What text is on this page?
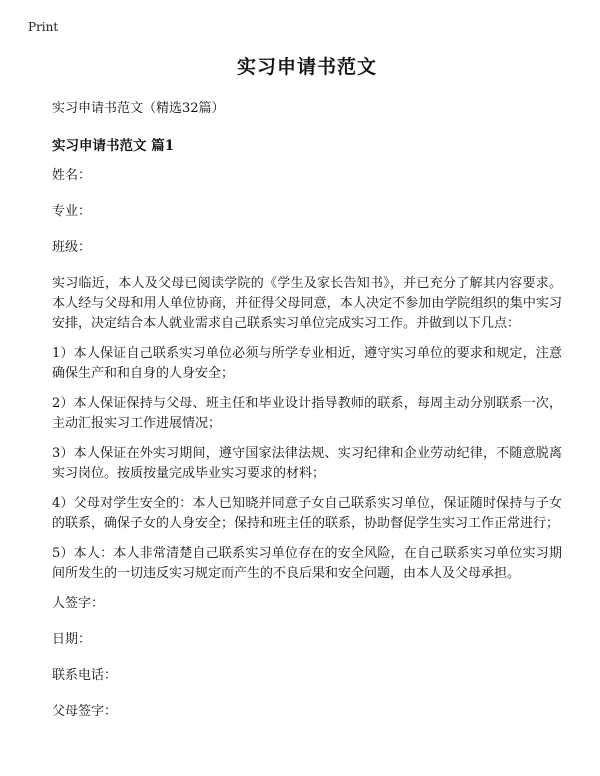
Print
实习申请书范文
实习申请书范文（精选32篇）
实习申请书范文 篇1
姓名：
专业：
班级：
实习临近，本人及父母已阅读学院的《学生及家长告知书》，并已充分了解其内容要求。本人经与父母和用人单位协商，并征得父母同意，本人决定不参加由学院组织的集中实习安排，决定结合本人就业需求自己联系实习单位完成实习工作。并做到以下几点：
1）本人保证自己联系实习单位必须与所学专业相近，遵守实习单位的要求和规定，注意确保生产和和自身的人身安全；
2）本人保证保持与父母、班主任和毕业设计指导教师的联系，每周主动分别联系一次，主动汇报实习工作进展情况；
3）本人保证在外实习期间，遵守国家法律法规、实习纪律和企业劳动纪律，不随意脱离实习岗位。按质按量完成毕业实习要求的材料；
4）父母对学生安全的：本人已知晓并同意子女自己联系实习单位，保证随时保持与子女的联系，确保子女的人身安全；保持和班主任的联系，协助督促学生实习工作正常进行；
5）本人：本人非常清楚自己联系实习单位存在的安全风险，在自己联系实习单位实习期间所发生的一切违反实习规定而产生的不良后果和安全问题，由本人及父母承担。
人签字：
日期：
联系电话：
父母签字：
